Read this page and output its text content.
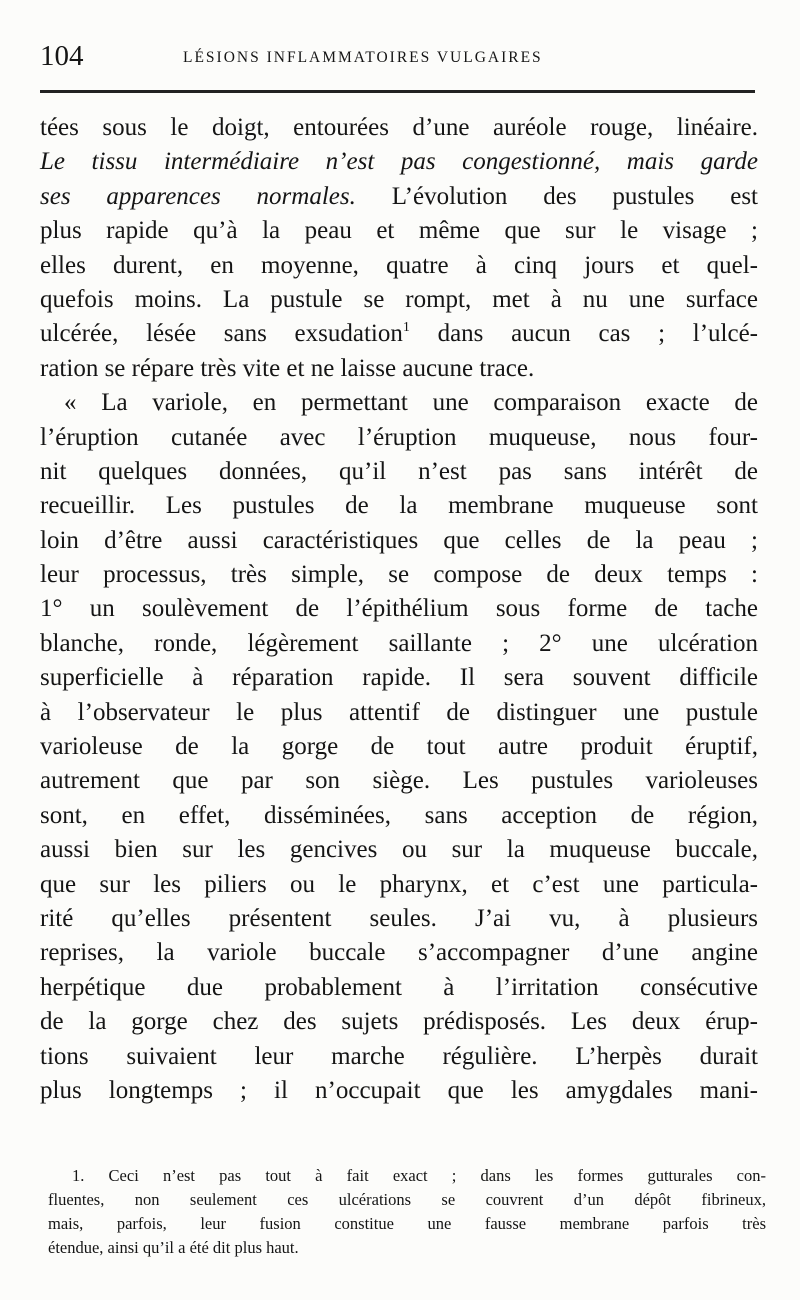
104	LÉSIONS INFLAMMATOIRES VULGAIRES
tées sous le doigt, entourées d’une auréole rouge, linéaire.
Le tissu intermédiaire n’est pas congestionné, mais garde
ses apparences normales. L’évolution des pustules est
plus rapide qu’à la peau et même que sur le visage ;
elles durent, en moyenne, quatre à cinq jours et quel-
quefois moins. La pustule se rompt, met à nu une surface
ulcérée, lésée sans exsudation$^1$ dans aucun cas ; l’ulcé-
ration se répare très vite et ne laisse aucune trace.
« La variole, en permettant une comparaison exacte de
l’éruption cutanée avec l’éruption muqueuse, nous four-
nit quelques données, qu’il n’est pas sans intérêt de
recueillir. Les pustules de la membrane muqueuse sont
loin d’être aussi caractéristiques que celles de la peau ;
leur processus, très simple, se compose de deux temps :
1° un soulèvement de l’épithélium sous forme de tache
blanche, ronde, légèrement saillante ; 2° une ulcération
superficielle à réparation rapide. Il sera souvent difficile
à l’observateur le plus attentif de distinguer une pustule
varioleuse de la gorge de tout autre produit éruptif,
autrement que par son siège. Les pustules varioleuses
sont, en effet, disséminées, sans acception de région,
aussi bien sur les gencives ou sur la muqueuse buccale,
que sur les piliers ou le pharynx, et c’est une particula-
rité qu’elles présentent seules. J’ai vu, à plusieurs
reprises, la variole buccale s’accompagner d’une angine
herpétique due probablement à l’irritation consécutive
de la gorge chez des sujets prédisposés. Les deux érup-
tions suivaient leur marche régulière. L’herpès durait
plus longtemps ; il n’occupait que les amygdales mani-
1. Ceci n’est pas tout à fait exact ; dans les formes gutturales con-
fluentes, non seulement ces ulcérations se couvrent d’un dépôt fibrineux,
mais, parfois, leur fusion constitue une fausse membrane parfois très
étendue, ainsi qu’il a été dit plus haut.
